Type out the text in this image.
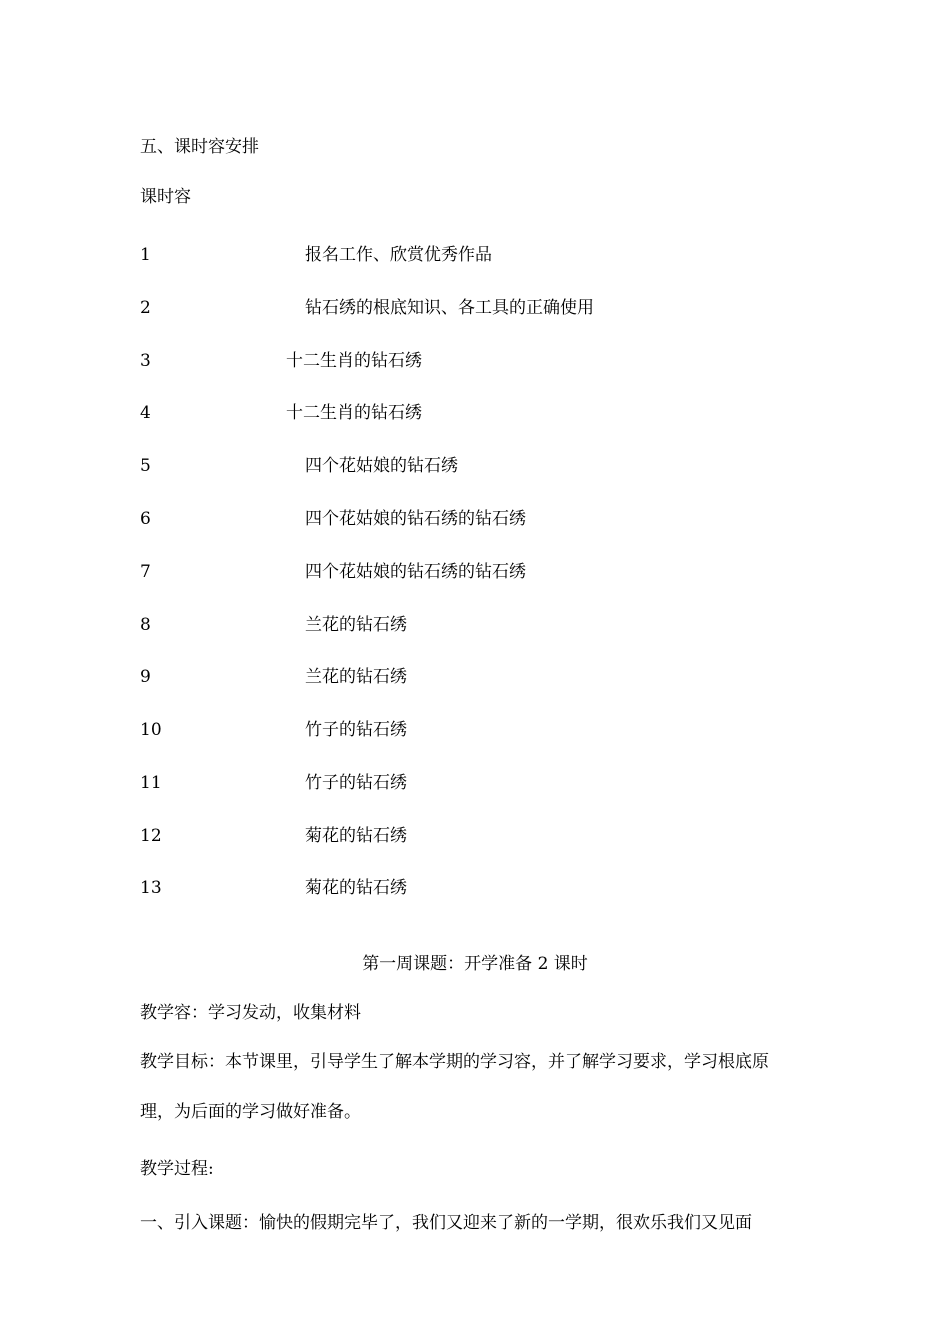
五、课时容安排
课时容
1	报名工作、欣赏优秀作品
2	钻石绣的根底知识、各工具的正确使用
3	十二生肖的钻石绣
4	十二生肖的钻石绣
5	四个花姑娘的钻石绣
6	四个花姑娘的钻石绣的钻石绣
7	四个花姑娘的钻石绣的钻石绣
8	兰花的钻石绣
9	兰花的钻石绣
10	竹子的钻石绣
11	竹子的钻石绣
12	菊花的钻石绣
13	菊花的钻石绣
第一周课题：开学准备 2 课时
教学容：学习发动，收集材料
教学目标：本节课里，引导学生了解本学期的学习容，并了解学习要求，学习根底原
理，为后面的学习做好准备。
教学过程:
一、引入课题：愉快的假期完毕了，我们又迎来了新的一学期，很欢乐我们又见面
